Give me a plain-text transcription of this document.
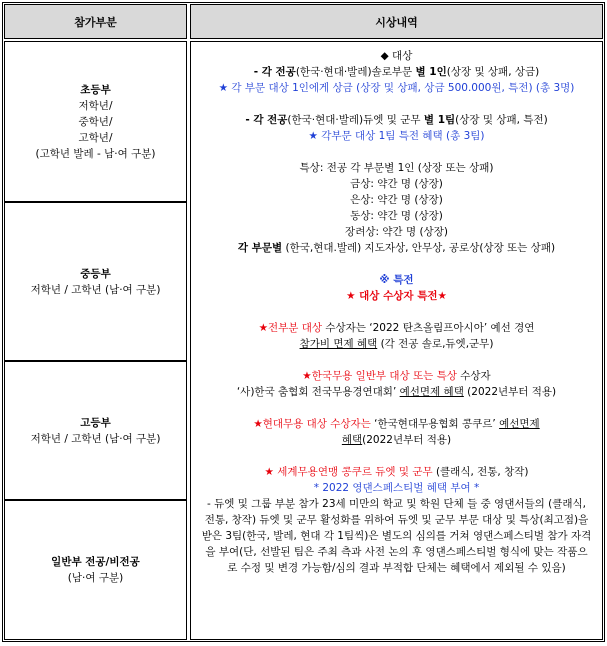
참가부분	시상내역
초등부
저학년/
중학년/
고학년/
(고학년 발레 - 남·여 구분)
중등부
저학년 / 고학년 (남·여 구분)
고등부
저학년 / 고학년 (남·여 구분)
일반부 전공/비전공
(남·여 구분)
◆ 대상
- 각 전공(한국·현대·발레)솔로부문 별 1인(상장 및 상패, 상금)
★ 각 부문 대상 1인에게 상금 (상장 및 상패, 상금 500.000원, 특전) (총 3명)
- 각 전공(한국·현대·발레)듀엣 및 군무 별 1팀(상장 및 상패, 특전)
★ 각부문 대상 1팀 특전 혜택 (총 3팀)
특상: 전공 각 부문별 1인 (상장 또는 상패)
금상: 약간 명 (상장)
은상: 약간 명 (상장)
동상: 약간 명 (상장)
장려상: 약간 명 (상장)
각 부문별 (한국,현대.발레) 지도자상, 안무상, 공로상(상장 또는 상패)
※ 특전
★ 대상 수상자 특전★
★전부분 대상 수상자는 ‘2022 탄츠올림프아시아’ 예선 경연
참가비 면제 혜택 (각 전공 솔로,듀엣,군무)
★한국무용 일반부 대상 또는 특상 수상자
‘사)한국 춤협회 전국무용경연대회’ 예선면제 혜택 (2022년부터 적용)
★현대무용 대상 수상자는 ‘한국현대무용협회 콩쿠르’ 예선면제
혜택(2022년부터 적용)
★ 세계무용연맹 콩쿠르 듀엣 및 군무 (클래식, 전통, 창작)
* 2022 영댄스페스티벌 혜택 부여 *
- 듀엣 및 그룹 부분 참가 23세 미만의 학교 및 학원 단체 들 중 영댄서들의 (클래식, 전통, 창작) 듀엣 및 군무 활성화를 위하여 듀엣 및 군무 부문 대상 및 특상(최고점)을 받은 3팀(한국, 발레, 현대 각 1팀씩)은 별도의 심의를 거쳐 영댄스페스티벌 참가 자격을 부여(단, 선발된 팀은 주최 측과 사전 논의 후 영댄스페스티벌 형식에 맞는 작품으로 수정 및 변경 가능함/심의 결과 부적합 단체는 혜택에서 제외될 수 있음)
